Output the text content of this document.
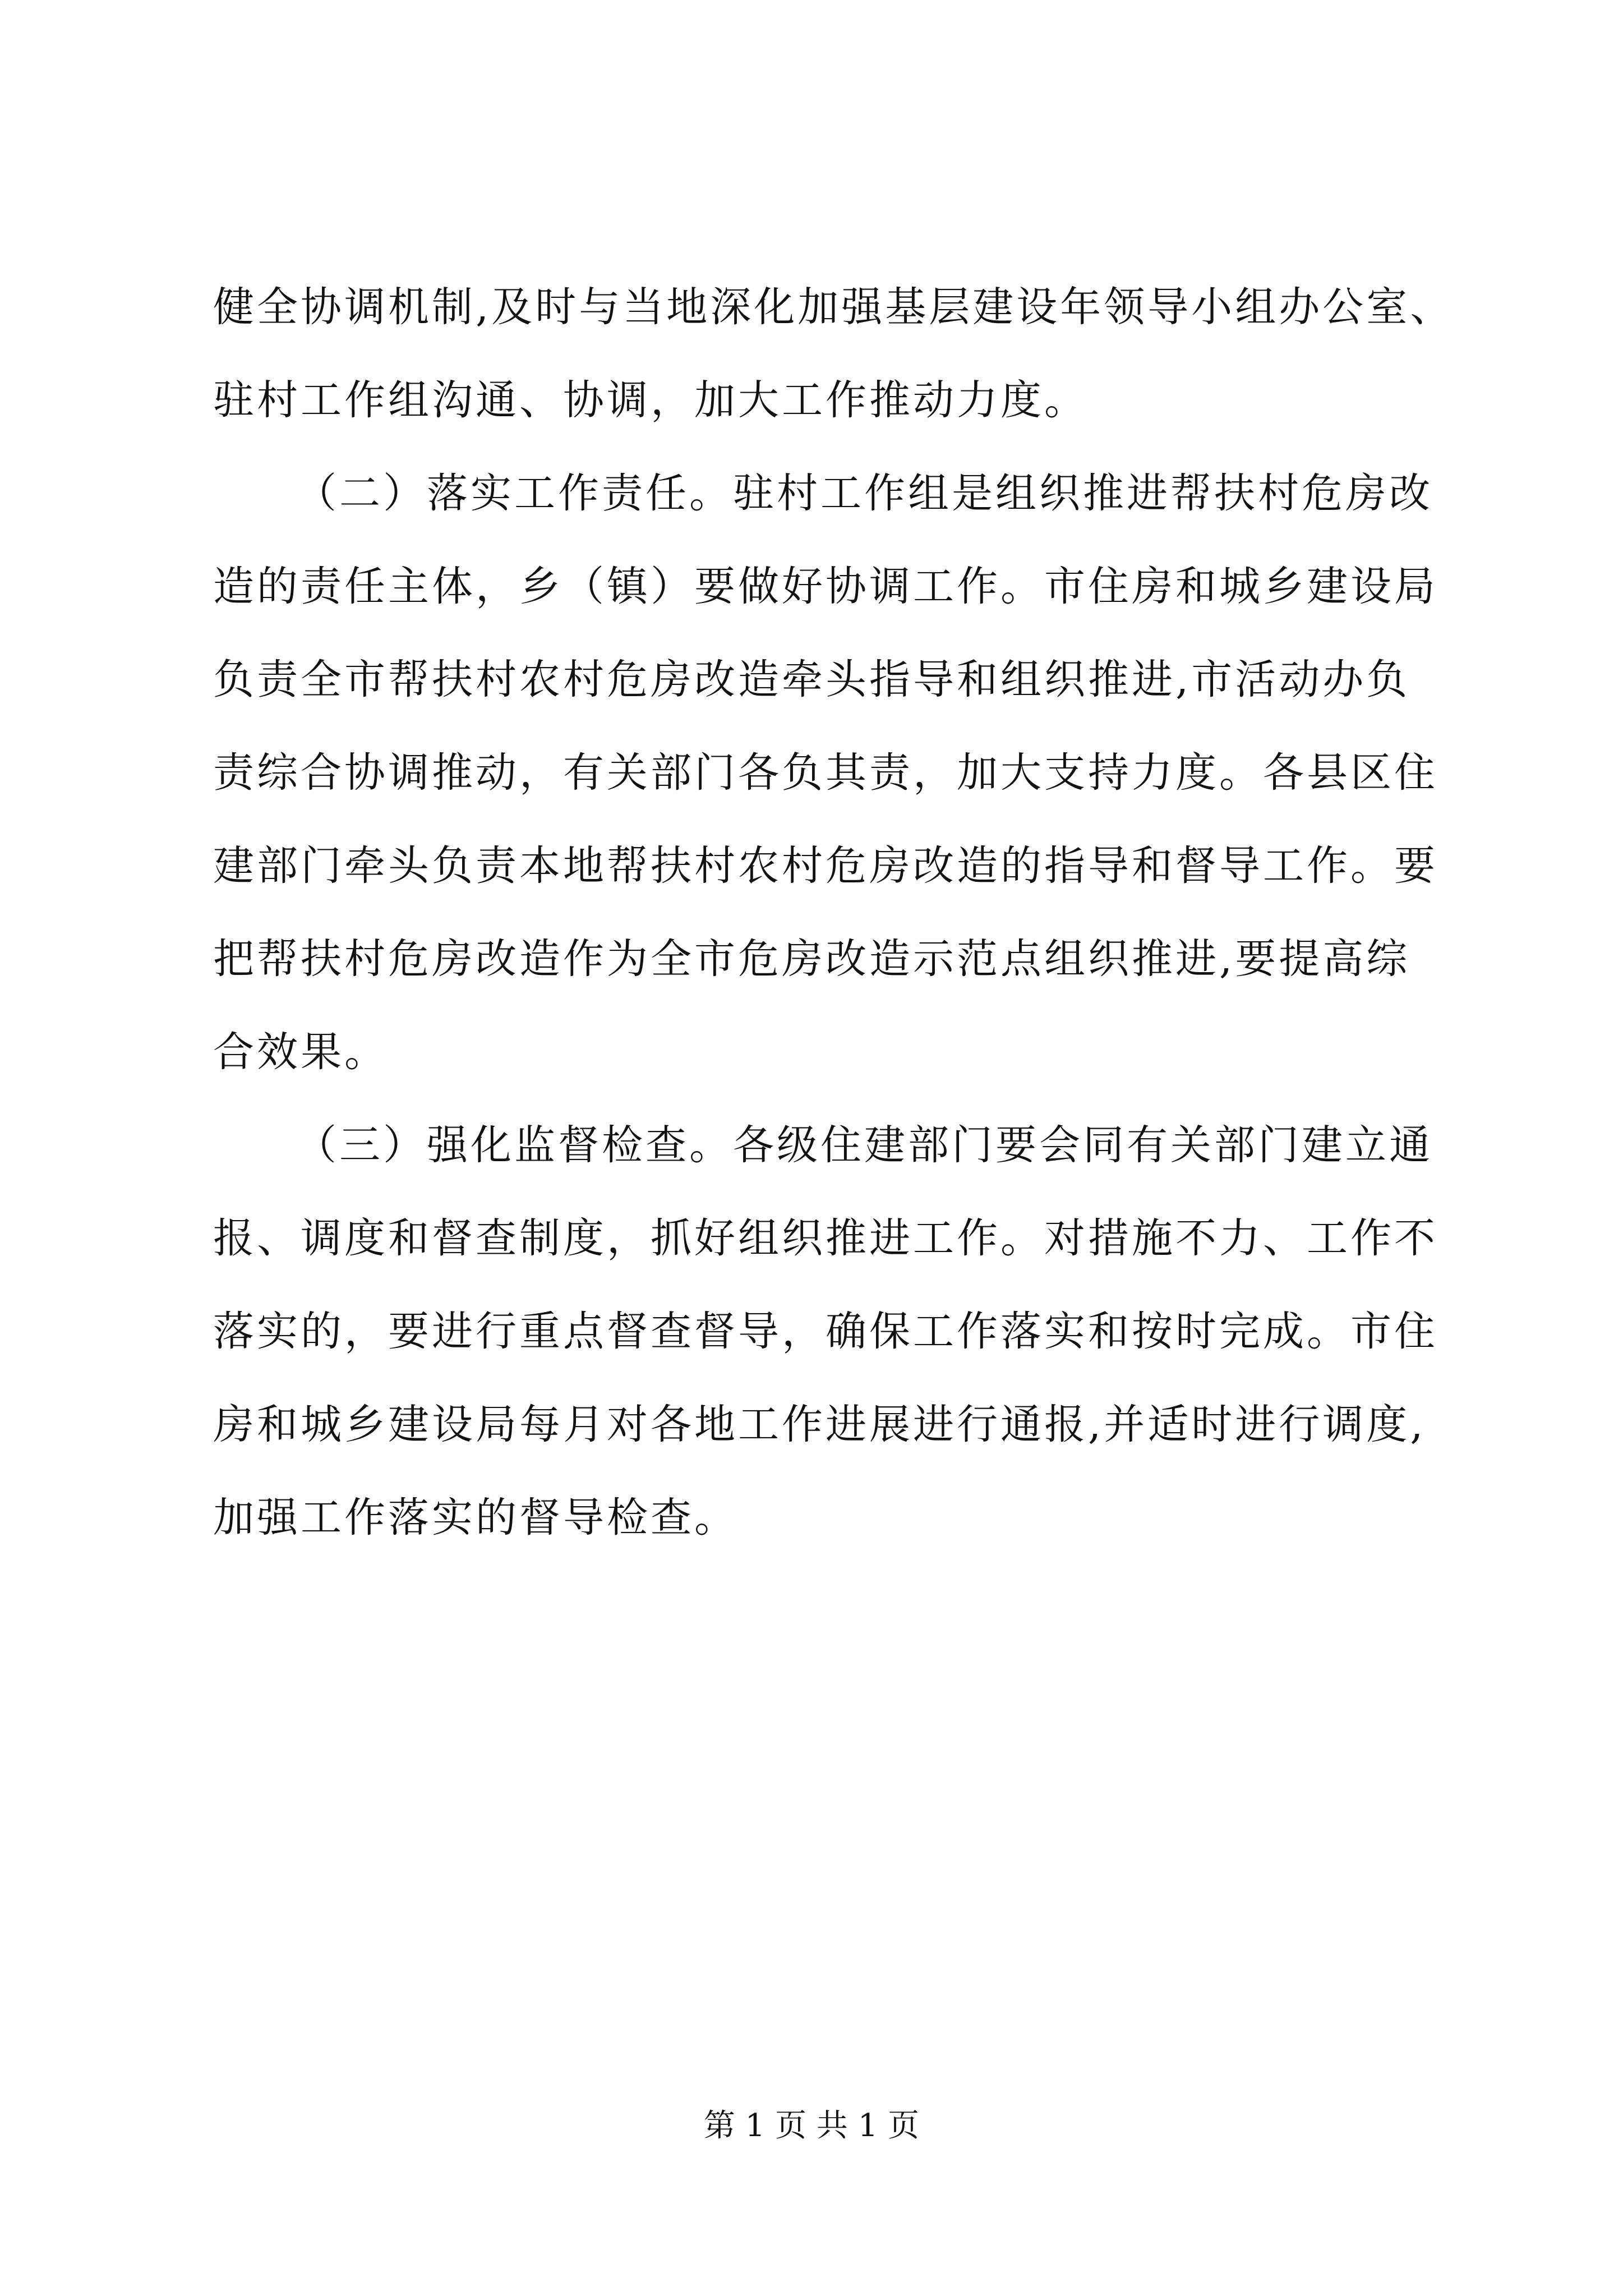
健全协调机制,及时与当地深化加强基层建设年领导小组办公室、
驻村工作组沟通、协调，加大工作推动力度。
（二）落实工作责任。驻村工作组是组织推进帮扶村危房改
造的责任主体，乡（镇）要做好协调工作。市住房和城乡建设局
负责全市帮扶村农村危房改造牵头指导和组织推进,市活动办负
责综合协调推动，有关部门各负其责，加大支持力度。各县区住
建部门牵头负责本地帮扶村农村危房改造的指导和督导工作。要
把帮扶村危房改造作为全市危房改造示范点组织推进,要提高综
合效果。
（三）强化监督检查。各级住建部门要会同有关部门建立通
报、调度和督查制度，抓好组织推进工作。对措施不力、工作不
落实的，要进行重点督查督导，确保工作落实和按时完成。市住
房和城乡建设局每月对各地工作进展进行通报,并适时进行调度,
加强工作落实的督导检查。
第 1 页 共 1 页
